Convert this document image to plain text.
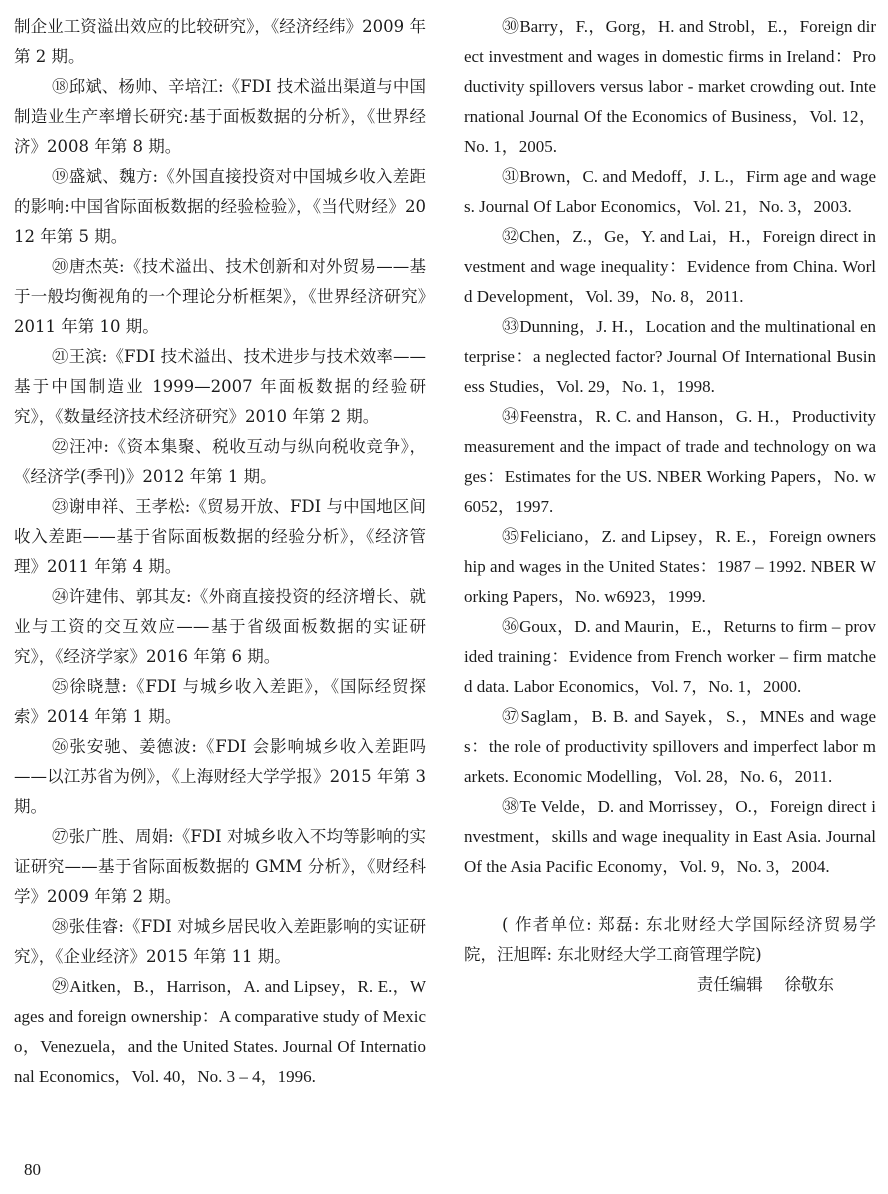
制企业工资溢出效应的比较研究》，《经济经纬》2009 年第 2 期。

⑱邱斌、杨帅、辛培江:《FDI 技术溢出渠道与中国制造业生产率增长研究:基于面板数据的分析》，《世界经济》2008 年第 8 期。

⑲盛斌、魏方:《外国直接投资对中国城乡收入差距的影响:中国省际面板数据的经验检验》，《当代财经》2012 年第 5 期。

⑳唐杰英:《技术溢出、技术创新和对外贸易——基于一般均衡视角的一个理论分析框架》，《世界经济研究》2011 年第 10 期。

㉑王滨:《FDI 技术溢出、技术进步与技术效率——基于中国制造业 1999—2007 年面板数据的经验研究》，《数量经济技术经济研究》2010 年第 2 期。

㉒汪冲:《资本集聚、税收互动与纵向税收竞争》，《经济学(季刊)》2012 年第 1 期。

㉓谢申祥、王孝松:《贸易开放、FDI 与中国地区间收入差距——基于省际面板数据的经验分析》，《经济管理》2011 年第 4 期。

㉔许建伟、郭其友:《外商直接投资的经济增长、就业与工资的交互效应——基于省级面板数据的实证研究》，《经济学家》2016 年第 6 期。

㉕徐晓慧:《FDI 与城乡收入差距》，《国际经贸探索》2014 年第 1 期。

㉖张安驰、姜德波:《FDI 会影响城乡收入差距吗——以江苏省为例》，《上海财经大学学报》2015 年第 3 期。

㉗张广胜、周娟:《FDI 对城乡收入不均等影响的实证研究——基于省际面板数据的 GMM 分析》，《财经科学》2009 年第 2 期。

㉘张佳睿:《FDI 对城乡居民收入差距影响的实证研究》，《企业经济》2015 年第 11 期。

㉙Aitken，B.，Harrison，A. and Lipsey，R. E.，Wages and foreign ownership：A comparative study of Mexico，Venezuela，and the United States. Journal Of International Economics，Vol. 40，No. 3 – 4，1996.

㉚Barry，F.，Gorg，H. and Strobl，E.，Foreign direct investment and wages in domestic firms in Ireland：Productivity spillovers versus labor - market crowding out. International Journal Of the Economics of Business，Vol. 12，No. 1，2005.

㉛Brown，C. and Medoff，J. L.，Firm age and wages. Journal Of Labor Economics，Vol. 21，No. 3，2003.

㉜Chen，Z.，Ge，Y. and Lai，H.，Foreign direct investment and wage inequality：Evidence from China. World Development，Vol. 39，No. 8，2011.

㉝Dunning，J. H.，Location and the multinational enterprise：a neglected factor? Journal Of International Business Studies，Vol. 29，No. 1，1998.

㉞Feenstra，R. C. and Hanson，G. H.，Productivity measurement and the impact of trade and technology on wages：Estimates for the US. NBER Working Papers，No. w6052，1997.

㉟Feliciano，Z. and Lipsey，R. E.，Foreign ownership and wages in the United States：1987 – 1992. NBER Working Papers，No. w6923，1999.

㊱Goux，D. and Maurin，E.，Returns to firm – provided training：Evidence from French worker – firm matched data. Labor Economics，Vol. 7，No. 1，2000.

㊲Saglam，B. B. and Sayek，S.，MNEs and wages：the role of productivity spillovers and imperfect labor markets. Economic Modelling，Vol. 28，No. 6，2011.

㊳Te Velde，D. and Morrissey，O.，Foreign direct investment，skills and wage inequality in East Asia. Journal Of the Asia Pacific Economy，Vol. 9，No. 3，2004.

( 作者单位: 郑磊: 东北财经大学国际经济贸易学院，汪旭晖: 东北财经大学工商管理学院)

责任编辑　 徐敬东

80
